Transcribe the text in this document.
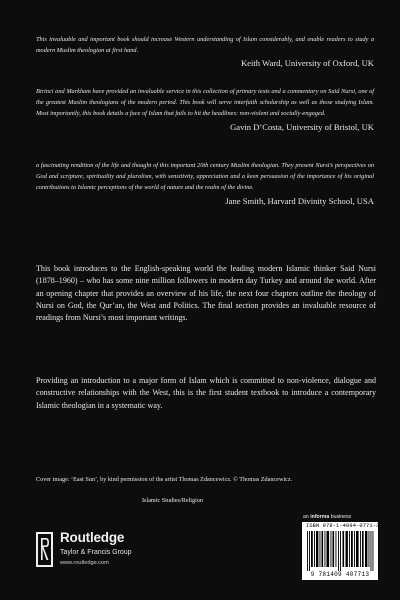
This invaluable and important book should increase Western understanding of Islam considerably, and enable readers to study a modern Muslim theologian at first hand.

Keith Ward, University of Oxford, UK

Birinci and Markham have provided an invaluable service in this collection of primary texts and a commentary on Said Nursi, one of the greatest Muslim theologians of the modern period. This book will serve interfaith scholarship as well as those studying Islam. Most importantly, this book details a face of Islam that fails to hit the headlines: non-violent and socially-engaged.

Gavin D’Costa, University of Bristol, UK

a fascinating rendition of the life and thought of this important 20th century Muslim theologian. They present Nursi’s perspectives on God and scripture, spirituality and pluralism, with sensitivity, appreciation and a keen persuasion of the importance of his original contributions to Islamic perceptions of the world of nature and the realm of the divine.

Jane Smith, Harvard Divinity School, USA

This book introduces to the English-speaking world the leading modern Islamic thinker Said Nursi (1878–1960) – who has some nine million followers in modern day Turkey and around the world. After an opening chapter that provides an overview of his life, the next four chapters outline the theology of Nursi on God, the Qur’an, the West and Politics. The final section provides an invaluable resource of readings from Nursi’s most important writings.

Providing an introduction to a major form of Islam which is committed to non-violence, dialogue and constructive relationships with the West, this is the first student textbook to introduce a contemporary Islamic theologian in a systematic way.

Cover image: ‘East Sun’, by kind permission of the artist Thomas Zdancewicz. © Thomas Zdancewicz.

Islamic Studies/Religion

Routledge
Taylor & Francis Group
www.routledge.com
an informa business
ISBN 978-1-4094-0771-3
9 781409 407713
